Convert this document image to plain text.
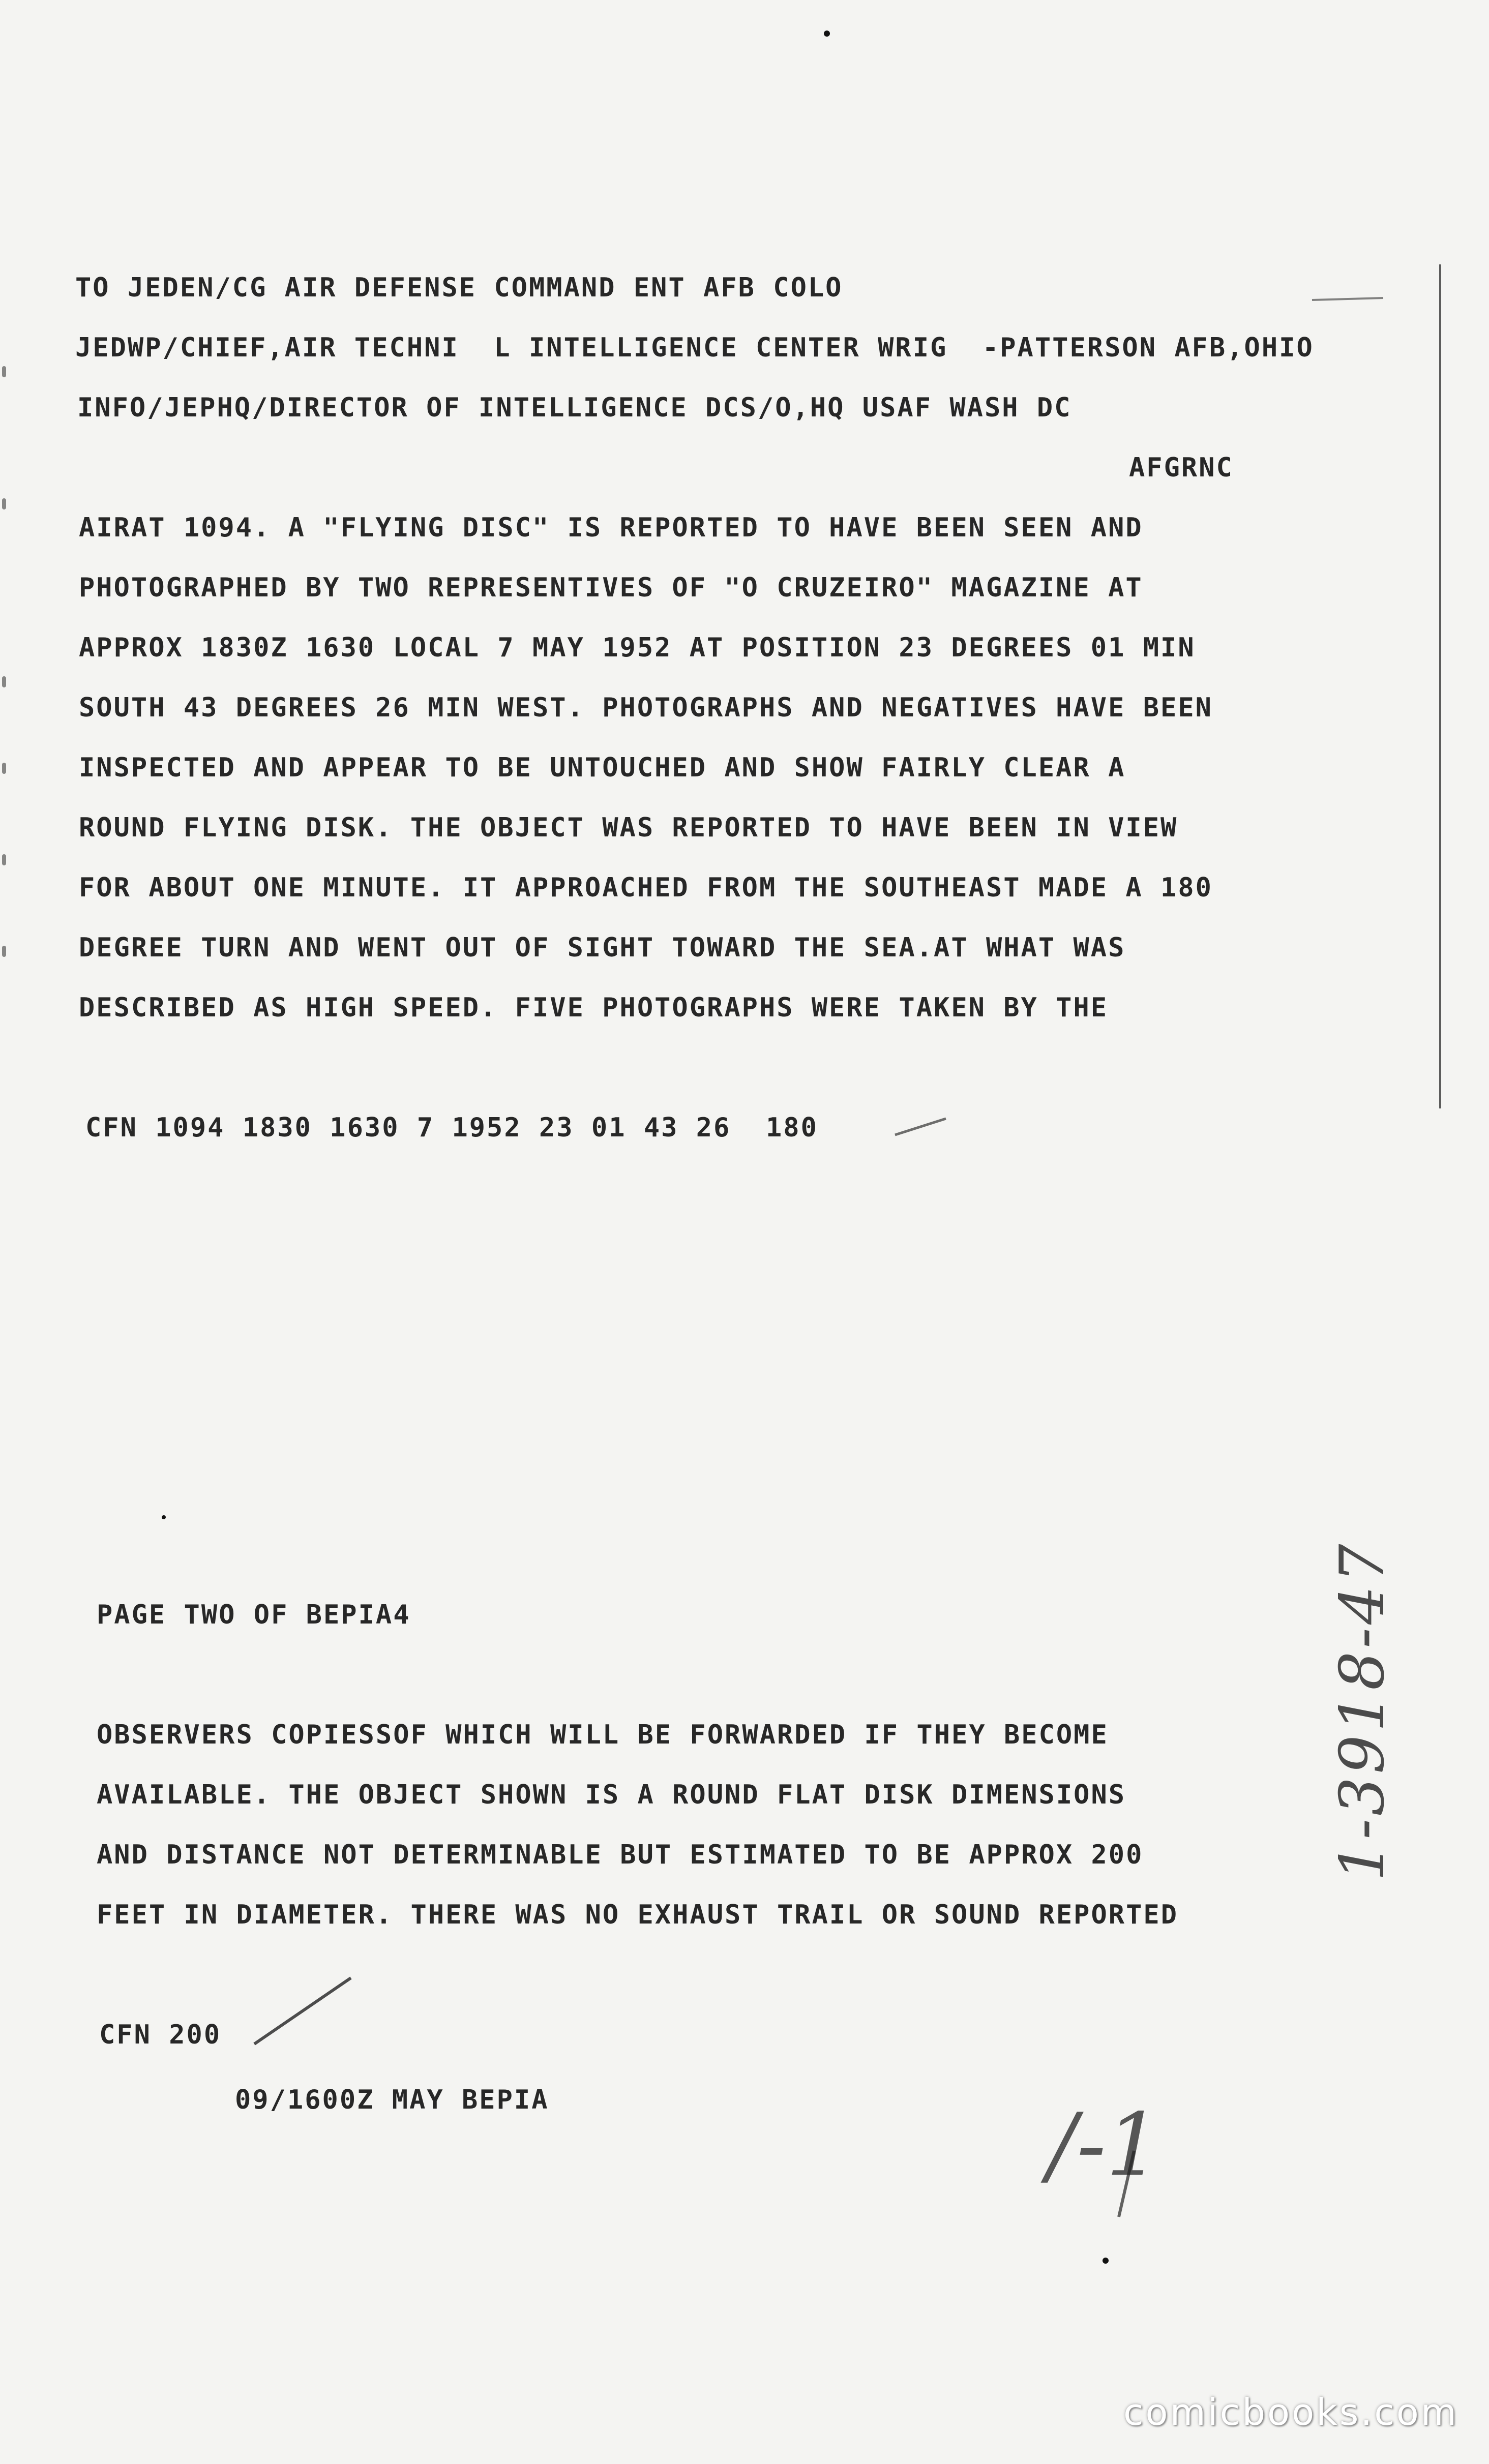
TO JEDEN/CG AIR DEFENSE COMMAND ENT AFB COLO
JEDWP/CHIEF,AIR TECHNI  L INTELLIGENCE CENTER WRIG  -PATTERSON AFB,OHIO
INFO/JEPHQ/DIRECTOR OF INTELLIGENCE DCS/O,HQ USAF WASH DC
AFGRNC
AIRAT 1094. A "FLYING DISC" IS REPORTED TO HAVE BEEN SEEN AND
PHOTOGRAPHED BY TWO REPRESENTIVES OF "O CRUZEIRO" MAGAZINE AT
APPROX 1830Z 1630 LOCAL 7 MAY 1952 AT POSITION 23 DEGREES 01 MIN
SOUTH 43 DEGREES 26 MIN WEST. PHOTOGRAPHS AND NEGATIVES HAVE BEEN
INSPECTED AND APPEAR TO BE UNTOUCHED AND SHOW FAIRLY CLEAR A
ROUND FLYING DISK. THE OBJECT WAS REPORTED TO HAVE BEEN IN VIEW
FOR ABOUT ONE MINUTE. IT APPROACHED FROM THE SOUTHEAST MADE A 180
DEGREE TURN AND WENT OUT OF SIGHT TOWARD THE SEA.AT WHAT WAS
DESCRIBED AS HIGH SPEED. FIVE PHOTOGRAPHS WERE TAKEN BY THE
CFN 1094 1830 1630 7 1952 23 01 43 26  180
PAGE TWO OF BEPIA4
OBSERVERS COPIESSOF WHICH WILL BE FORWARDED IF THEY BECOME
AVAILABLE. THE OBJECT SHOWN IS A ROUND FLAT DISK DIMENSIONS
AND DISTANCE NOT DETERMINABLE BUT ESTIMATED TO BE APPROX 200
FEET IN DIAMETER. THERE WAS NO EXHAUST TRAIL OR SOUND REPORTED
CFN 200
09/1600Z MAY BEPIA
1-3918-47
/-1
comicbooks.com
